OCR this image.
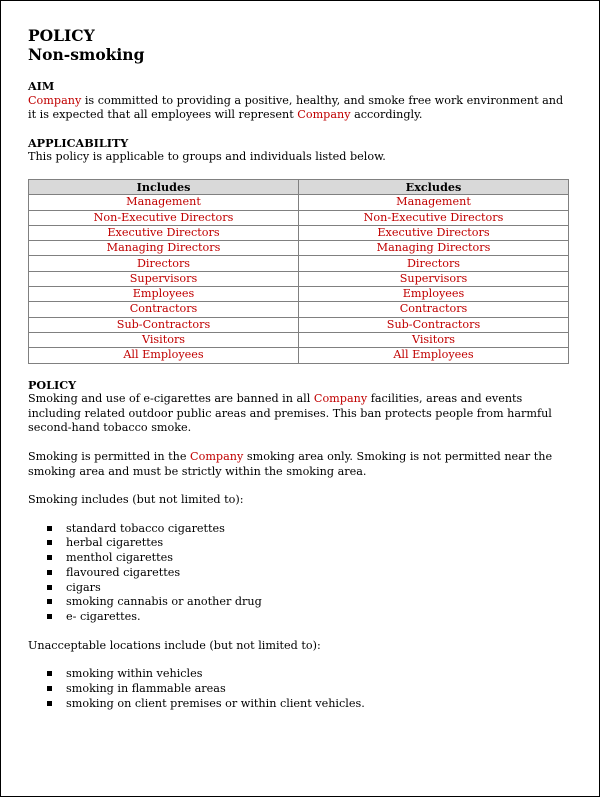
POLICY
Non-smoking
AIM

Company is committed to providing a positive, healthy, and smoke free work environment and it is expected that all employees will represent Company accordingly.

APPLICABILITY

This policy is applicable to groups and individuals listed below.

Includes	Excludes
Management	Management
Non-Executive Directors	Non-Executive Directors
Executive Directors	Executive Directors
Managing Directors	Managing Directors
Directors	Directors
Supervisors	Supervisors
Employees	Employees
Contractors	Contractors
Sub-Contractors	Sub-Contractors
Visitors	Visitors
All Employees	All Employees
POLICY

Smoking and use of e-cigarettes are banned in all Company facilities, areas and events including related outdoor public areas and premises. This ban protects people from harmful second-hand tobacco smoke.

Smoking is permitted in the Company smoking area only. Smoking is not permitted near the smoking area and must be strictly within the smoking area.

Smoking includes (but not limited to):

standard tobacco cigarettes
herbal cigarettes
menthol cigarettes
flavoured cigarettes
cigars
smoking cannabis or another drug
e- cigarettes.

Unacceptable locations include (but not limited to):

smoking within vehicles
smoking in flammable areas
smoking on client premises or within client vehicles.
